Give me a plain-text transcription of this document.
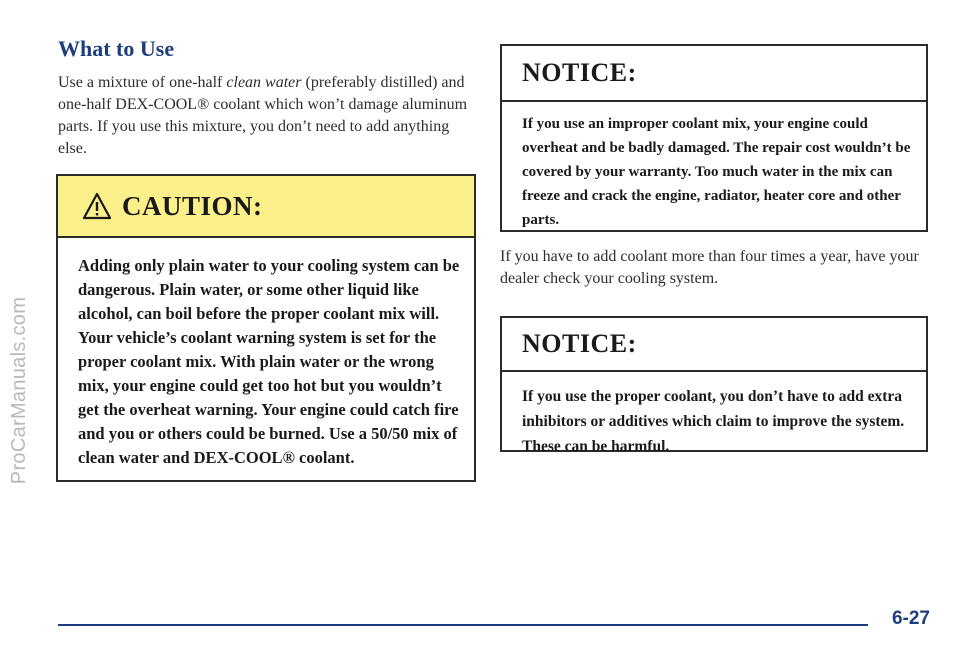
ProCarManuals.com
What to Use

Use a mixture of one-half clean water (preferably distilled) and one-half DEX-COOL® coolant which won’t damage aluminum parts. If you use this mixture, you don’t need to add anything else.

CAUTION:

Adding only plain water to your cooling system can be dangerous. Plain water, or some other liquid like alcohol, can boil before the proper coolant mix will. Your vehicle’s coolant warning system is set for the proper coolant mix. With plain water or the wrong mix, your engine could get too hot but you wouldn’t get the overheat warning. Your engine could catch fire and you or others could be burned. Use a 50/50 mix of clean water and DEX-COOL® coolant.

NOTICE:

If you use an improper coolant mix, your engine could overheat and be badly damaged. The repair cost wouldn’t be covered by your warranty. Too much water in the mix can freeze and crack the engine, radiator, heater core and other parts.

If you have to add coolant more than four times a year, have your dealer check your cooling system.

NOTICE:

If you use the proper coolant, you don’t have to add extra inhibitors or additives which claim to improve the system. These can be harmful.

6-27
